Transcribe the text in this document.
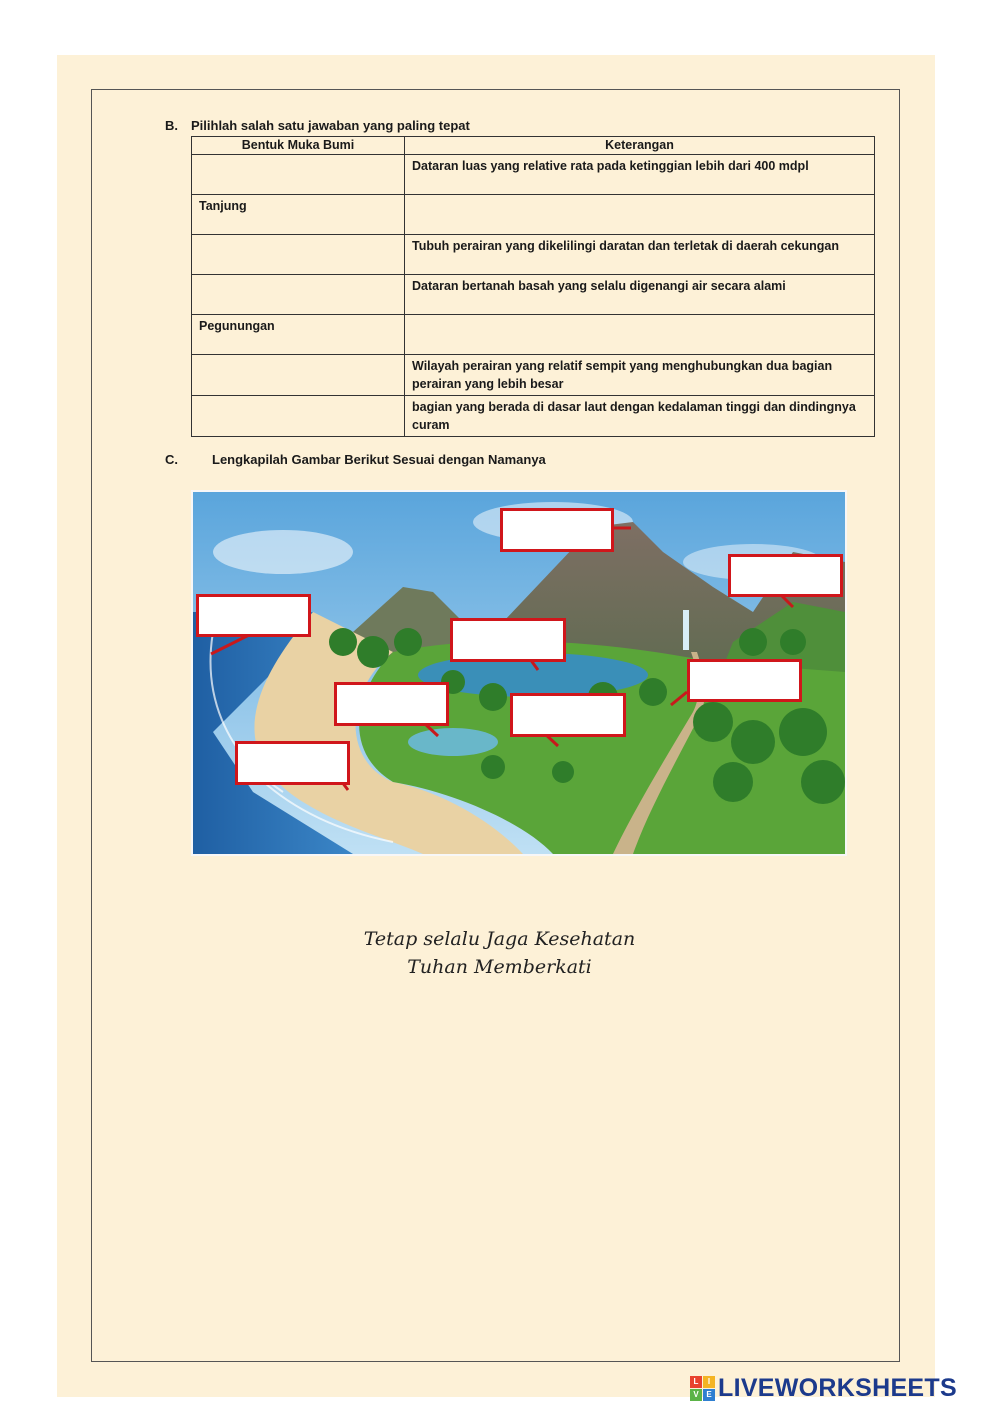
B. Pilihlah salah satu jawaban yang paling tepat
Bentuk Muka Bumi	Keterangan
	Dataran luas yang relative rata pada ketinggian lebih dari 400 mdpl
Tanjung	
	Tubuh perairan yang dikelilingi daratan dan terletak di daerah cekungan
	Dataran bertanah basah yang selalu digenangi air secara alami
Pegunungan	
	Wilayah perairan yang relatif sempit yang menghubungkan dua bagian perairan yang lebih besar
	bagian yang berada di dasar laut dengan kedalaman tinggi dan dindingnya curam
C.	Lengkapilah Gambar Berikut Sesuai dengan Namanya
Tetap selalu Jaga Kesehatan
Tuhan Memberkati
L	I
V E LIVEWORKSHEETS
